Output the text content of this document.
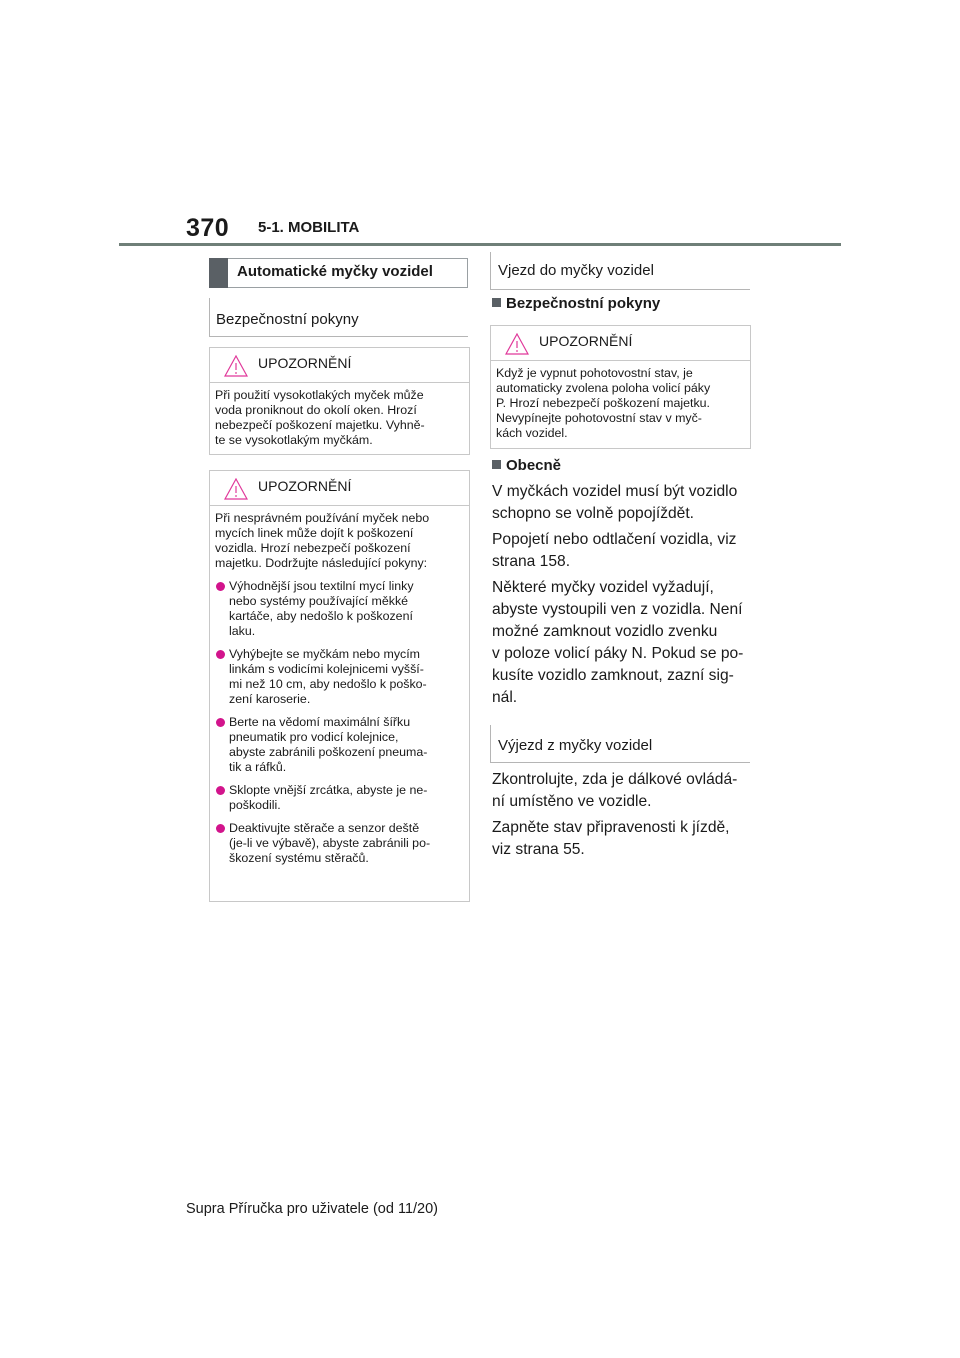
370 5-1. MOBILITA
Automatické myčky vozidel
Bezpečnostní pokyny
UPOZORNĚNÍ
Při použití vysokotlakých myček může
voda proniknout do okolí oken. Hrozí
nebezpečí poškození majetku. Vyhně-
te se vysokotlakým myčkám.
UPOZORNĚNÍ
Při nesprávném používání myček nebo
mycích linek může dojít k poškození
vozidla. Hrozí nebezpečí poškození
majetku. Dodržujte následující pokyny:
Výhodnější jsou textilní mycí linky
nebo systémy používající měkké
kartáče, aby nedošlo k poškození
laku.
Vyhýbejte se myčkám nebo mycím
linkám s vodicími kolejnicemi vyšší-
mi než 10 cm, aby nedošlo k poško-
zení karoserie.
Berte na vědomí maximální šířku
pneumatik pro vodicí kolejnice,
abyste zabránili poškození pneuma-
tik a ráfků.
Sklopte vnější zrcátka, abyste je ne-
poškodili.
Deaktivujte stěrače a senzor deště
(je-li ve výbavě), abyste zabránili po-
škození systému stěračů.
Vjezd do myčky vozidel
Bezpečnostní pokyny
UPOZORNĚNÍ
Když je vypnut pohotovostní stav, je
automaticky zvolena poloha volicí páky
P. Hrozí nebezpečí poškození majetku.
Nevypínejte pohotovostní stav v myč-
kách vozidel.
Obecně
V myčkách vozidel musí být vozidlo
schopno se volně popojíždět.
Popojetí nebo odtlačení vozidla, viz
strana 158.
Některé myčky vozidel vyžadují,
abyste vystoupili ven z vozidla. Není
možné zamknout vozidlo zvenku
v poloze volicí páky N. Pokud se po-
kusíte vozidlo zamknout, zazní sig-
nál.
Výjezd z myčky vozidel
Zkontrolujte, zda je dálkové ovládá-
ní umístěno ve vozidle.
Zapněte stav připravenosti k jízdě,
viz strana 55.
Supra Příručka pro uživatele (od 11/20)
